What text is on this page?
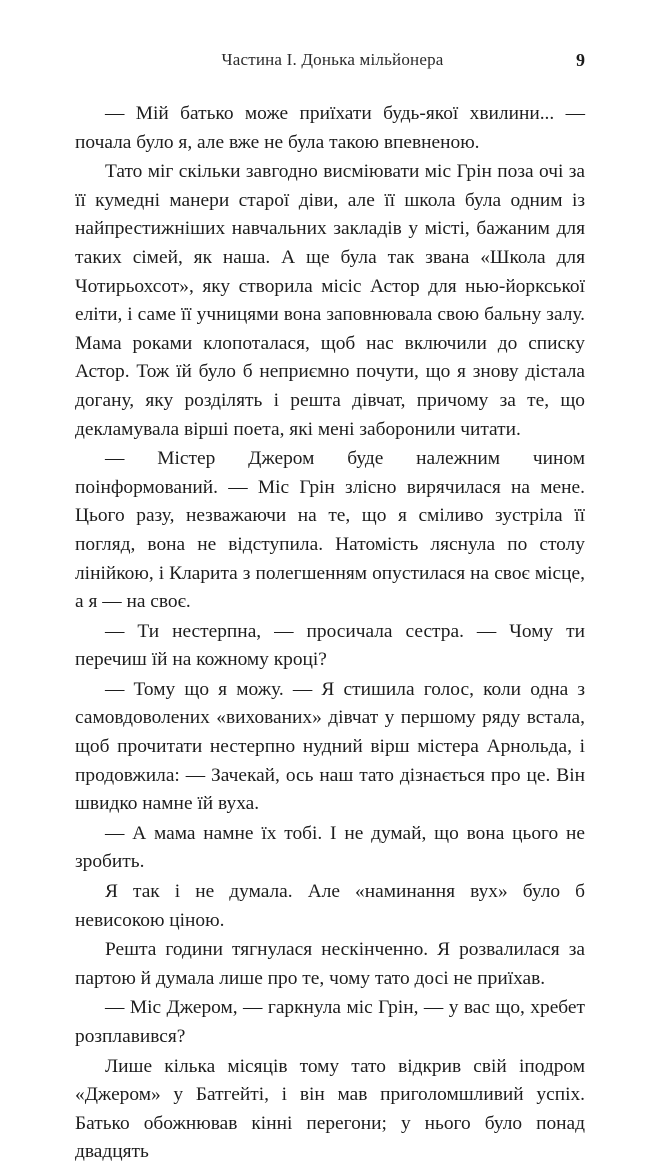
Частина I. Донька мільйонера	9

— Мій батько може приїхати будь-якої хвилини... — почала було я, але вже не була такою впевненою.

Тато міг скільки завгодно висміювати міс Грін поза очі за її кумедні манери старої діви, але її школа була одним із найпрестижніших навчальних закладів у місті, бажаним для таких сімей, як наша. А ще була так звана «Школа для Чотирьохсот», яку створила місіс Астор для нью-йоркської еліти, і саме її учницями вона заповнювала свою бальну залу. Мама роками клопоталася, щоб нас включили до списку Астор. Тож їй було б неприємно почути, що я знову дістала догану, яку розділять і решта дівчат, причому за те, що декламувала вірші поета, які мені заборонили читати.

— Містер Джером буде належним чином поінформований. — Міс Грін злісно вирячилася на мене. Цього разу, незважаючи на те, що я сміливо зустріла її погляд, вона не відступила. Натомість ляснула по столу лінійкою, і Кларита з полегшенням опустилася на своє місце, а я — на своє.

— Ти нестерпна, — просичала сестра. — Чому ти перечиш їй на кожному кроці?

— Тому що я можу. — Я стишила голос, коли одна з самовдоволених «вихованих» дівчат у першому ряду встала, щоб прочитати нестерпно нудний вірш містера Арнольда, і продовжила: — Зачекай, ось наш тато дізнається про це. Він швидко намне їй вуха.

— А мама намне їх тобі. І не думай, що вона цього не зробить.

Я так і не думала. Але «наминання вух» було б невисокою ціною.

Решта години тягнулася нескінченно. Я розвалилася за партою й думала лише про те, чому тато досі не приїхав.

— Міс Джером, — гаркнула міс Грін, — у вас що, хребет розплавився?

Лише кілька місяців тому тато відкрив свій іподром «Джером» у Батгейті, і він мав приголомшливий успіх. Батько обожнював кінні перегони; у нього було понад двадцять
